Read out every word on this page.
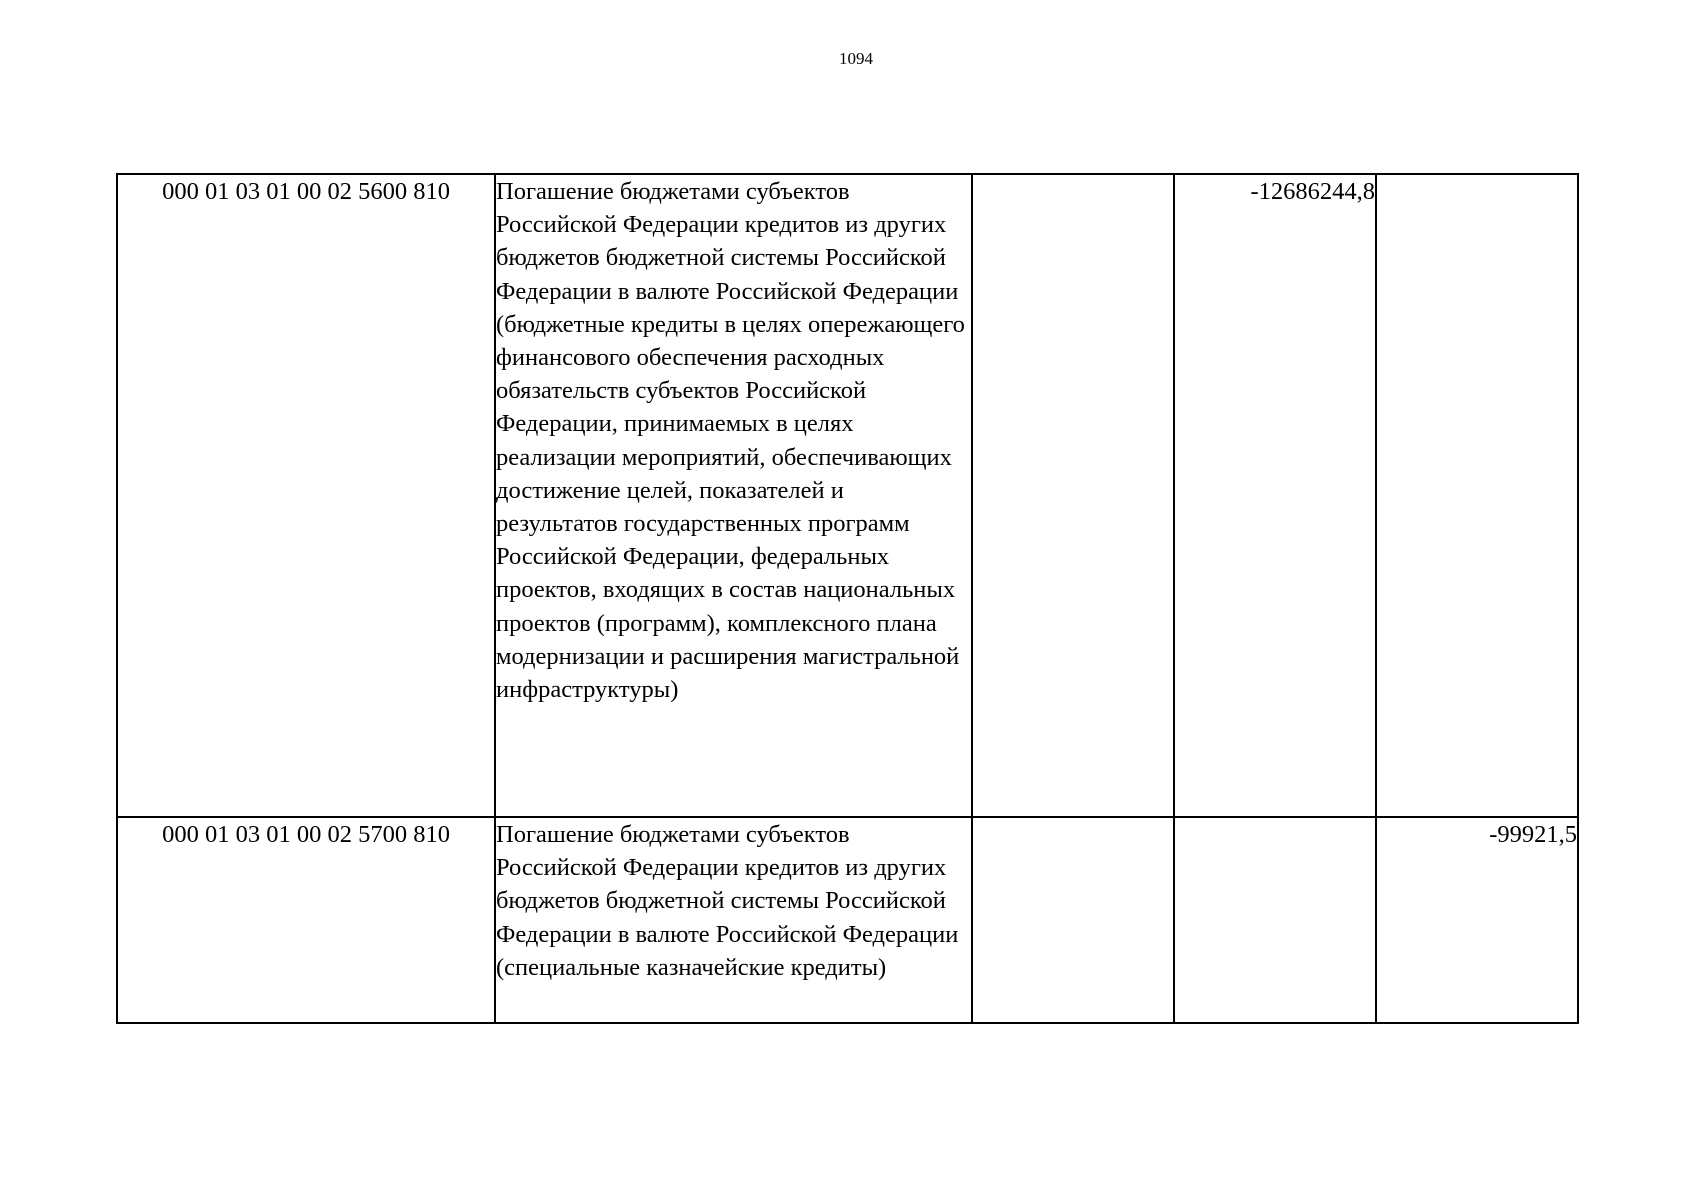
1094
000 01 03 01 00 02 5600 810	Погашение бюджетами субъектов Российской Федерации кредитов из других бюджетов бюджетной системы Российской Федерации в валюте Российской Федерации (бюджетные кредиты в целях опережающего финансового обеспечения расходных обязательств субъектов Российской Федерации, принимаемых в целях реализации мероприятий, обеспечивающих достижение целей, показателей и результатов государственных программ Российской Федерации, федеральных проектов, входящих в состав национальных проектов (программ), комплексного плана модернизации и расширения магистральной инфраструктуры)		-12686244,8	
000 01 03 01 00 02 5700 810	Погашение бюджетами субъектов Российской Федерации кредитов из других бюджетов бюджетной системы Российской Федерации в валюте Российской Федерации (специальные казначейские кредиты)			-99921,5
